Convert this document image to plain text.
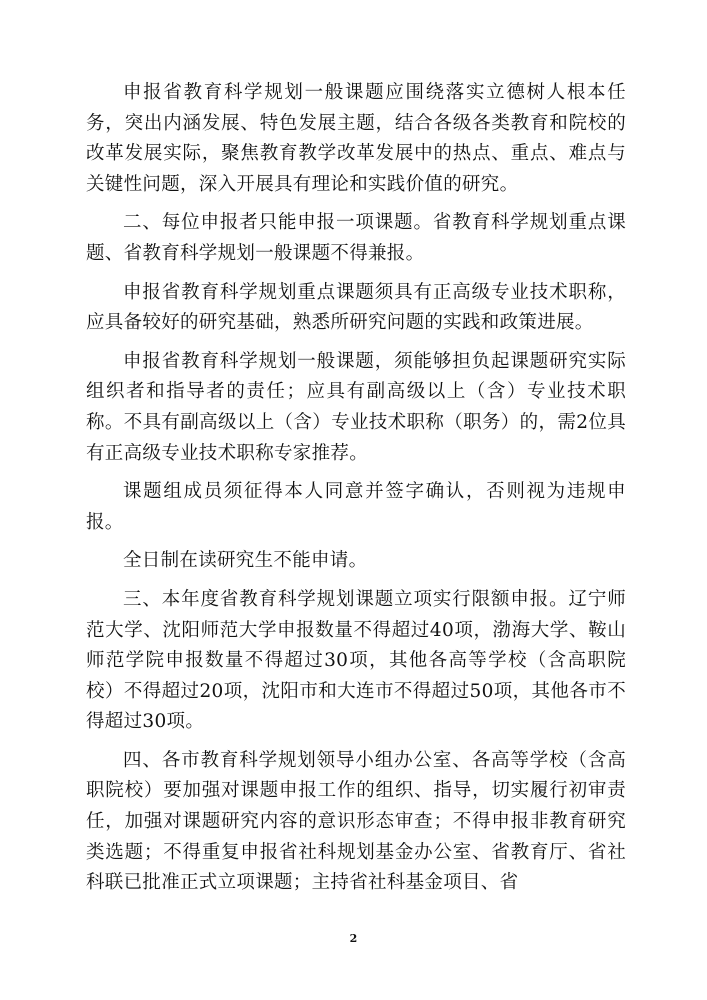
申报省教育科学规划一般课题应围绕落实立德树人根本任务，突出内涵发展、特色发展主题，结合各级各类教育和院校的改革发展实际，聚焦教育教学改革发展中的热点、重点、难点与关键性问题，深入开展具有理论和实践价值的研究。

二、每位申报者只能申报一项课题。省教育科学规划重点课题、省教育科学规划一般课题不得兼报。

申报省教育科学规划重点课题须具有正高级专业技术职称，应具备较好的研究基础，熟悉所研究问题的实践和政策进展。

申报省教育科学规划一般课题，须能够担负起课题研究实际组织者和指导者的责任；应具有副高级以上（含）专业技术职称。不具有副高级以上（含）专业技术职称（职务）的，需2位具有正高级专业技术职称专家推荐。

课题组成员须征得本人同意并签字确认，否则视为违规申报。

全日制在读研究生不能申请。

三、本年度省教育科学规划课题立项实行限额申报。辽宁师范大学、沈阳师范大学申报数量不得超过40项，渤海大学、鞍山师范学院申报数量不得超过30项，其他各高等学校（含高职院校）不得超过20项，沈阳市和大连市不得超过50项，其他各市不得超过30项。

四、各市教育科学规划领导小组办公室、各高等学校（含高职院校）要加强对课题申报工作的组织、指导，切实履行初审责任，加强对课题研究内容的意识形态审查；不得申报非教育研究类选题；不得重复申报省社科规划基金办公室、省教育厅、省社科联已批准正式立项课题；主持省社科基金项目、省

2
